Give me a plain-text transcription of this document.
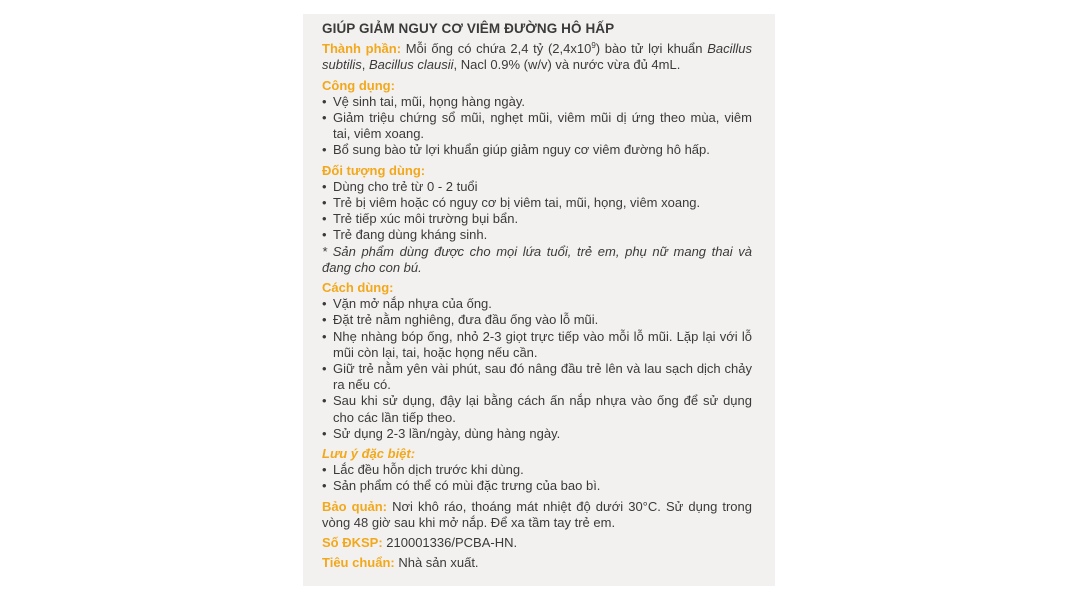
GIÚP GIẢM NGUY CƠ VIÊM ĐƯỜNG HÔ HẤP
Thành phần: Mỗi ống có chứa 2,4 tỷ $(2,4x10^9)$ bào tử lợi khuẩn Bacillus subtilis, Bacillus clausii, Nacl 0.9% (w/v) và nước vừa đủ 4mL.
Công dụng:
• Vệ sinh tai, mũi, họng hàng ngày.
• Giảm triệu chứng sổ mũi, nghẹt mũi, viêm mũi dị ứng theo mùa, viêm tai, viêm xoang.
• Bổ sung bào tử lợi khuẩn giúp giảm nguy cơ viêm đường hô hấp.
Đối tượng dùng:
• Dùng cho trẻ từ 0 - 2 tuổi
• Trẻ bị viêm hoặc có nguy cơ bị viêm tai, mũi, họng, viêm xoang.
• Trẻ tiếp xúc môi trường bụi bẩn.
• Trẻ đang dùng kháng sinh.
* Sản phẩm dùng được cho mọi lứa tuổi, trẻ em, phụ nữ mang thai và đang cho con bú.
Cách dùng:
• Vặn mở nắp nhựa của ống.
• Đặt trẻ nằm nghiêng, đưa đầu ống vào lỗ mũi.
• Nhẹ nhàng bóp ống, nhỏ 2-3 giọt trực tiếp vào mỗi lỗ mũi. Lặp lại với lỗ mũi còn lại, tai, hoặc họng nếu cần.
• Giữ trẻ nằm yên vài phút, sau đó nâng đầu trẻ lên và lau sạch dịch chảy ra nếu có.
• Sau khi sử dụng, đậy lại bằng cách ấn nắp nhựa vào ống để sử dụng cho các lần tiếp theo.
• Sử dụng 2-3 lần/ngày, dùng hàng ngày.
Lưu ý đặc biệt:
• Lắc đều hỗn dịch trước khi dùng.
• Sản phẩm có thể có mùi đặc trưng của bao bì.
Bảo quản: Nơi khô ráo, thoáng mát nhiệt độ dưới 30°C. Sử dụng trong vòng 48 giờ sau khi mở nắp. Để xa tầm tay trẻ em.
Số ĐKSP: 210001336/PCBA-HN.
Tiêu chuẩn: Nhà sản xuất.
